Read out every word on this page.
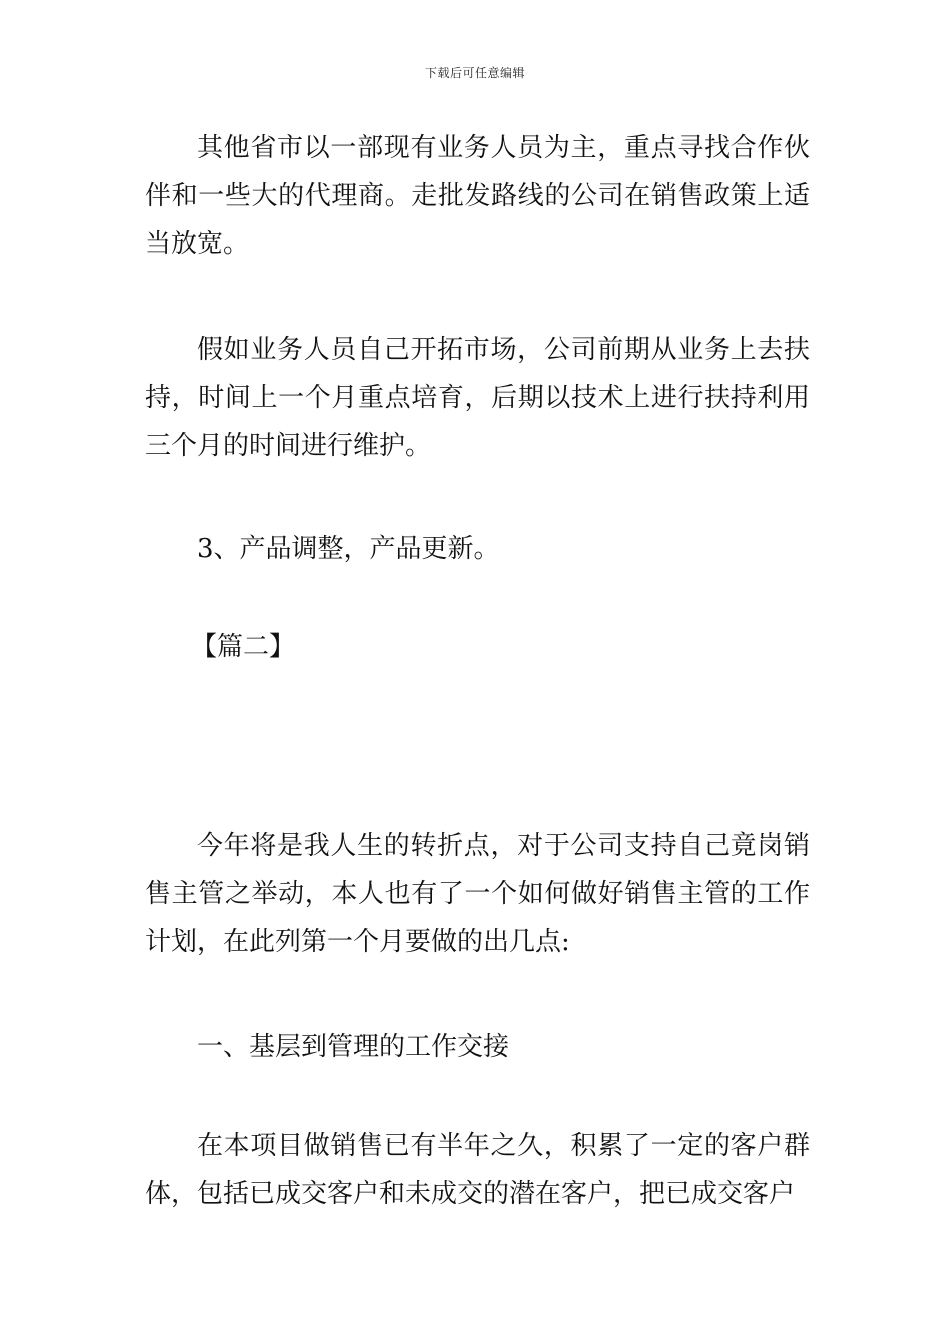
下载后可任意编辑

其他省市以一部现有业务人员为主，重点寻找合作伙伴和一些大的代理商。走批发路线的公司在销售政策上适当放宽。

假如业务人员自己开拓市场，公司前期从业务上去扶持，时间上一个月重点培育，后期以技术上进行扶持利用三个月的时间进行维护。

3、产品调整，产品更新。

【篇二】

今年将是我人生的转折点，对于公司支持自己竟岗销售主管之举动，本人也有了一个如何做好销售主管的工作计划，在此列第一个月要做的出几点:

一、基层到管理的工作交接

在本项目做销售已有半年之久，积累了一定的客户群体，包括已成交客户和未成交的潜在客户，把已成交客户
